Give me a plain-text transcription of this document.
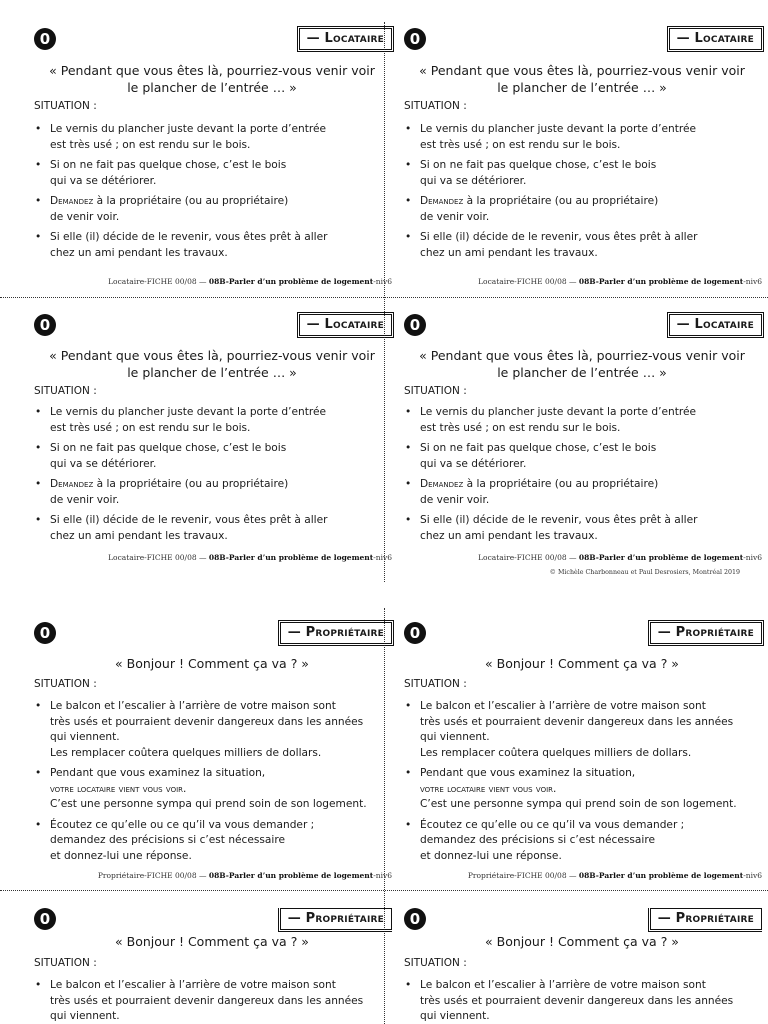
0	— Locataire
« Pendant que vous êtes là, pourriez-vous venir voir
le plancher de l’entrée … »
SITUATION :
• Le vernis du plancher juste devant la porte d’entrée
est très usé ; on est rendu sur le bois.
• Si on ne fait pas quelque chose, c’est le bois
qui va se détériorer.
• Demandez à la propriétaire (ou au propriétaire)
de venir voir.
• Si elle (il) décide de le revenir, vous êtes prêt à aller
chez un ami pendant les travaux.
Locataire-FICHE 00/08 — 08B-Parler d’un problème de logement-niv6
0	— Locataire
« Pendant que vous êtes là, pourriez-vous venir voir
le plancher de l’entrée … »
SITUATION :
• Le vernis du plancher juste devant la porte d’entrée
est très usé ; on est rendu sur le bois.
• Si on ne fait pas quelque chose, c’est le bois
qui va se détériorer.
• Demandez à la propriétaire (ou au propriétaire)
de venir voir.
• Si elle (il) décide de le revenir, vous êtes prêt à aller
chez un ami pendant les travaux.
Locataire-FICHE 00/08 — 08B-Parler d’un problème de logement-niv6
0	— Locataire
« Pendant que vous êtes là, pourriez-vous venir voir
le plancher de l’entrée … »
SITUATION :
• Le vernis du plancher juste devant la porte d’entrée
est très usé ; on est rendu sur le bois.
• Si on ne fait pas quelque chose, c’est le bois
qui va se détériorer.
• Demandez à la propriétaire (ou au propriétaire)
de venir voir.
• Si elle (il) décide de le revenir, vous êtes prêt à aller
chez un ami pendant les travaux.
Locataire-FICHE 00/08 — 08B-Parler d’un problème de logement-niv6
0	— Locataire
« Pendant que vous êtes là, pourriez-vous venir voir
le plancher de l’entrée … »
SITUATION :
• Le vernis du plancher juste devant la porte d’entrée
est très usé ; on est rendu sur le bois.
• Si on ne fait pas quelque chose, c’est le bois
qui va se détériorer.
• Demandez à la propriétaire (ou au propriétaire)
de venir voir.
• Si elle (il) décide de le revenir, vous êtes prêt à aller
chez un ami pendant les travaux.
Locataire-FICHE 00/08 — 08B-Parler d’un problème de logement-niv6
© Michèle Charbonneau et Paul Desrosiers, Montréal 2019
0	— Propriétaire
« Bonjour ! Comment ça va ? »
SITUATION :
• Le balcon et l’escalier à l’arrière de votre maison sont
très usés et pourraient devenir dangereux dans les années
qui viennent.
Les remplacer coûtera quelques milliers de dollars.
• Pendant que vous examinez la situation,
votre locataire vient vous voir.
C’est une personne sympa qui prend soin de son logement.
• Écoutez ce qu’elle ou ce qu’il va vous demander ;
demandez des précisions si c’est nécessaire
et donnez-lui une réponse.
Propriétaire-FICHE 00/08 — 08B-Parler d’un problème de logement-niv6
0	— Propriétaire
« Bonjour ! Comment ça va ? »
SITUATION :
• Le balcon et l’escalier à l’arrière de votre maison sont
très usés et pourraient devenir dangereux dans les années
qui viennent.
Les remplacer coûtera quelques milliers de dollars.
• Pendant que vous examinez la situation,
votre locataire vient vous voir.
C’est une personne sympa qui prend soin de son logement.
• Écoutez ce qu’elle ou ce qu’il va vous demander ;
demandez des précisions si c’est nécessaire
et donnez-lui une réponse.
Propriétaire-FICHE 00/08 — 08B-Parler d’un problème de logement-niv6
0	— Propriétaire
« Bonjour ! Comment ça va ? »
SITUATION :
• Le balcon et l’escalier à l’arrière de votre maison sont
très usés et pourraient devenir dangereux dans les années
qui viennent.
0	— Propriétaire
« Bonjour ! Comment ça va ? »
SITUATION :
• Le balcon et l’escalier à l’arrière de votre maison sont
très usés et pourraient devenir dangereux dans les années
qui viennent.
